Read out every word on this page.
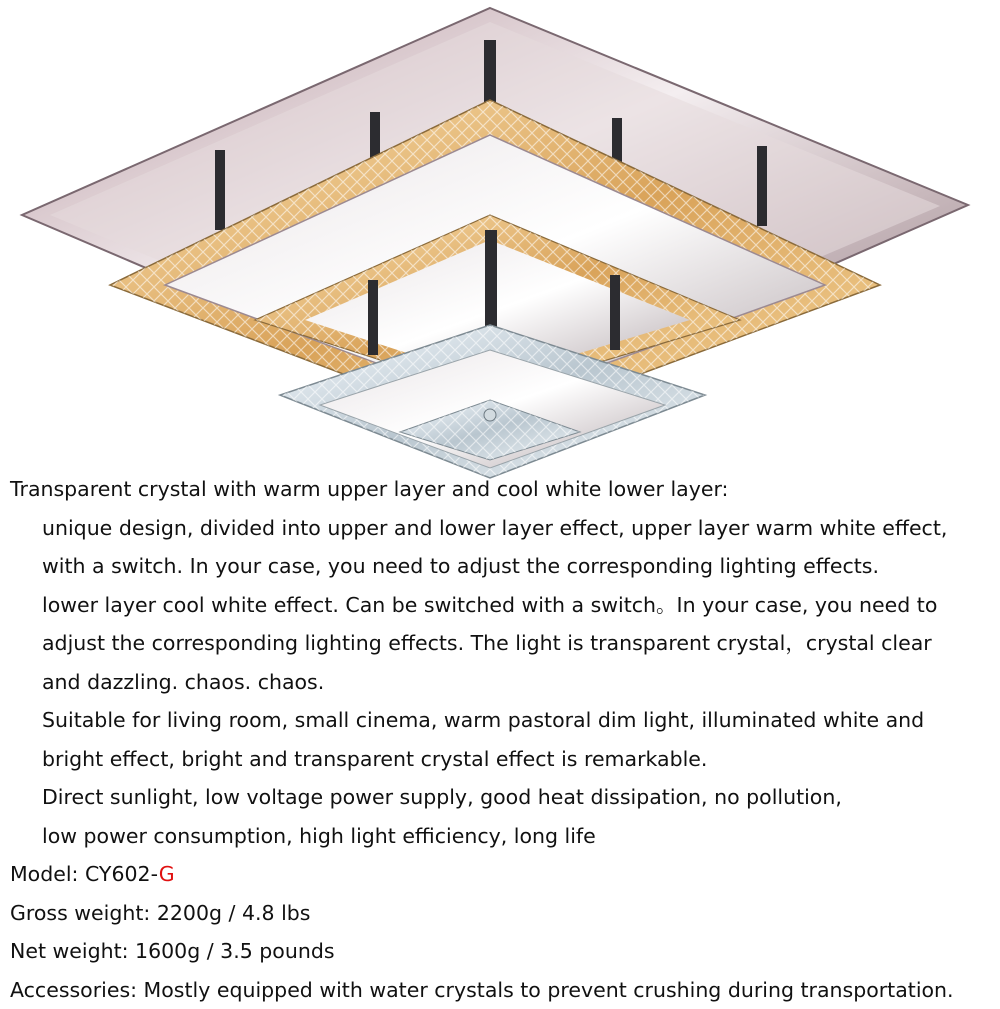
Transparent crystal with warm upper layer and cool white lower layer:

unique design, divided into upper and lower layer effect, upper layer warm white effect,

with a switch. In your case, you need to adjust the corresponding lighting effects.

lower layer cool white effect. Can be switched with a switch。In your case, you need to

adjust the corresponding lighting effects. The light is transparent crystal，crystal clear

and dazzling. chaos. chaos.

Suitable for living room, small cinema, warm pastoral dim light, illuminated white and

bright effect, bright and transparent crystal effect is remarkable.

Direct sunlight, low voltage power supply, good heat dissipation, no pollution,

low power consumption, high light efficiency, long life

Model: CY602-G

Gross weight: 2200g / 4.8 lbs

Net weight: 1600g / 3.5 pounds

Accessories: Mostly equipped with water crystals to prevent crushing during transportation.
